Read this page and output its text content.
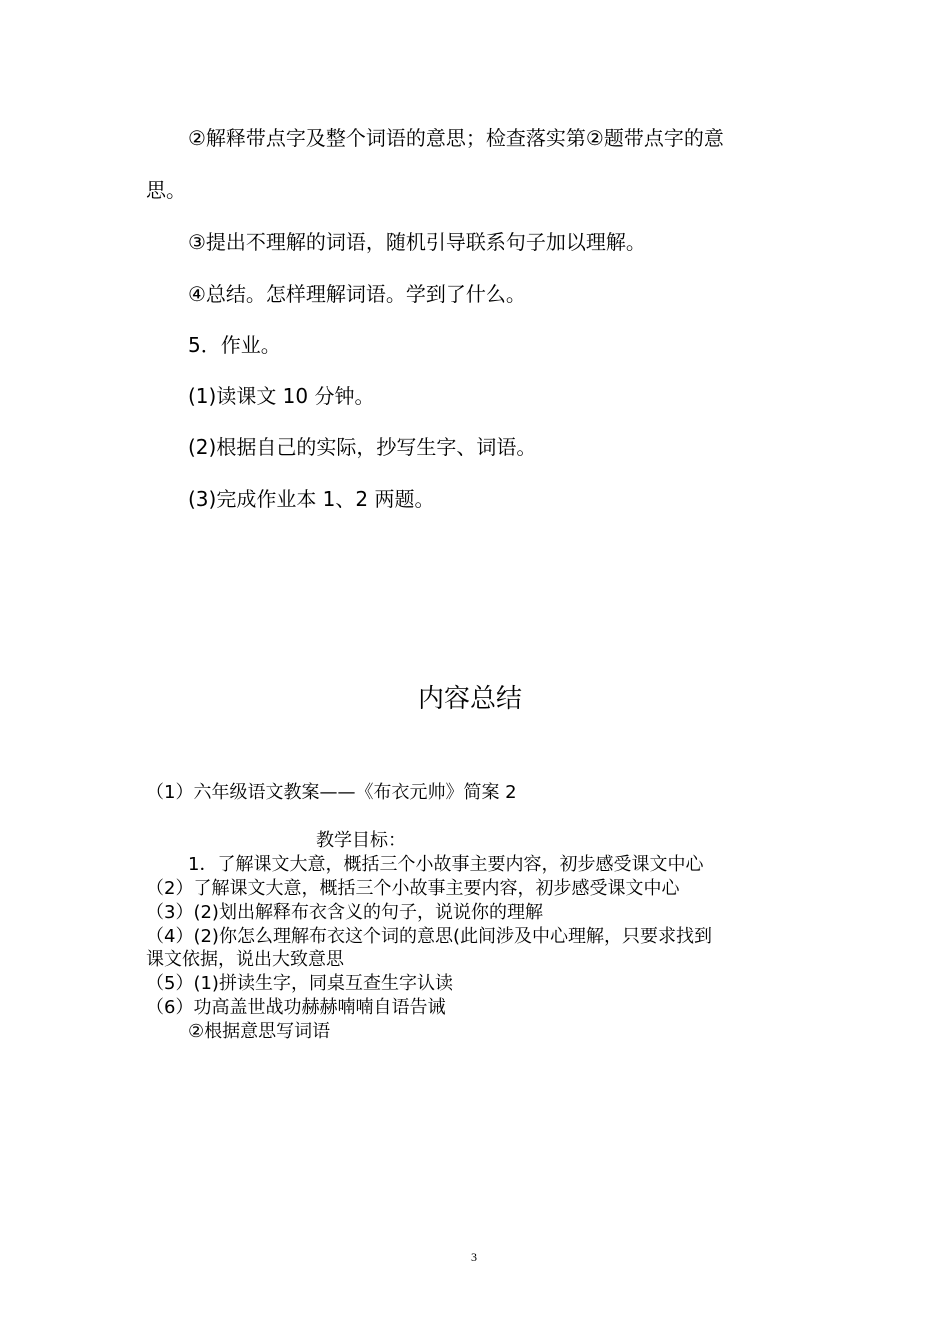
②解释带点字及整个词语的意思；检查落实第②题带点字的意
思。
③提出不理解的词语，随机引导联系句子加以理解。
④总结。怎样理解词语。学到了什么。
5．作业。
(1)读课文 10 分钟。
(2)根据自己的实际，抄写生字、词语。
(3)完成作业本 1、2 两题。
内容总结
（1）六年级语文教案——《布衣元帅》简案 2
教学目标：
1．了解课文大意，概括三个小故事主要内容，初步感受课文中心
（2）了解课文大意，概括三个小故事主要内容，初步感受课文中心
（3）(2)划出解释布衣含义的句子，说说你的理解
（4）(2)你怎么理解布衣这个词的意思(此间涉及中心理解，只要求找到
课文依据，说出大致意思
（5）(1)拼读生字，同桌互查生字认读
（6）功高盖世战功赫赫喃喃自语告诫
②根据意思写词语
3
